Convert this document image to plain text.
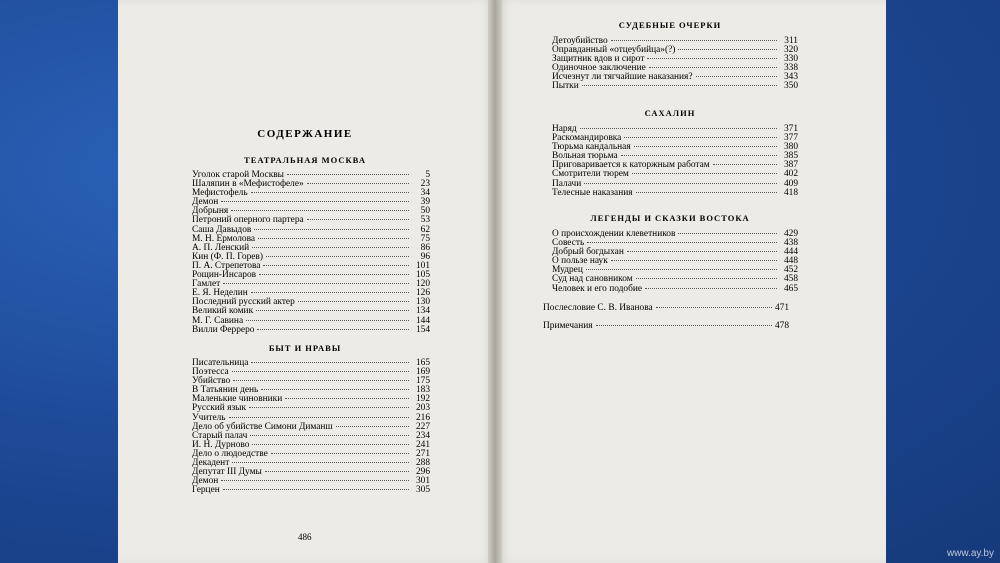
СОДЕРЖАНИЕ
ТЕАТРАЛЬНАЯ МОСКВА
Уголок старой Москвы	5
Шаляпин в «Мефистофеле»	23
Мефистофель	34
Демон	39
Добрыня	50
Петроний оперного партера	53
Саша Давыдов	62
М. Н. Ермолова	75
А. П. Ленский	86
Кин (Ф. П. Горев)	96
П. А. Стрепетова	101
Рощин-Инсаров	105
Гамлет	120
Е. Я. Неделин	126
Последний русский актер	130
Великий комик	134
М. Г. Савина	144
Вилли Ферреро	154
БЫТ И НРАВЫ
Писательница	165
Поэтесса	169
Убийство	175
В Татьянин день	183
Маленькие чиновники	192
Русский язык	203
Учитель	216
Дело об убийстве Симони Диманш	227
Старый палач	234
И. Н. Дурново	241
Дело о людоедстве	271
Декадент	288
Депутат III Думы	296
Демон	301
Герцен	305
486
СУДЕБНЫЕ ОЧЕРКИ
Детоубийство	311
Оправданный «отцеубийца»(?)	320
Защитник вдов и сирот	330
Одиночное заключение	338
Исчезнут ли тягчайшие наказания?	343
Пытки	350
САХАЛИН
Наряд	371
Раскомандировка	377
Тюрьма кандальная	380
Вольная тюрьма	385
Приговаривается к каторжным работам	387
Смотрители тюрем	402
Палачи	409
Телесные наказания	418
ЛЕГЕНДЫ И СКАЗКИ ВОСТОКА
О происхождении клеветников	429
Совесть	438
Добрый богдыхан	444
О пользе наук	448
Мудрец	452
Суд над сановником	458
Человек и его подобие	465
Послесловие С. В. Иванова	471
Примечания	478
www.ay.by
